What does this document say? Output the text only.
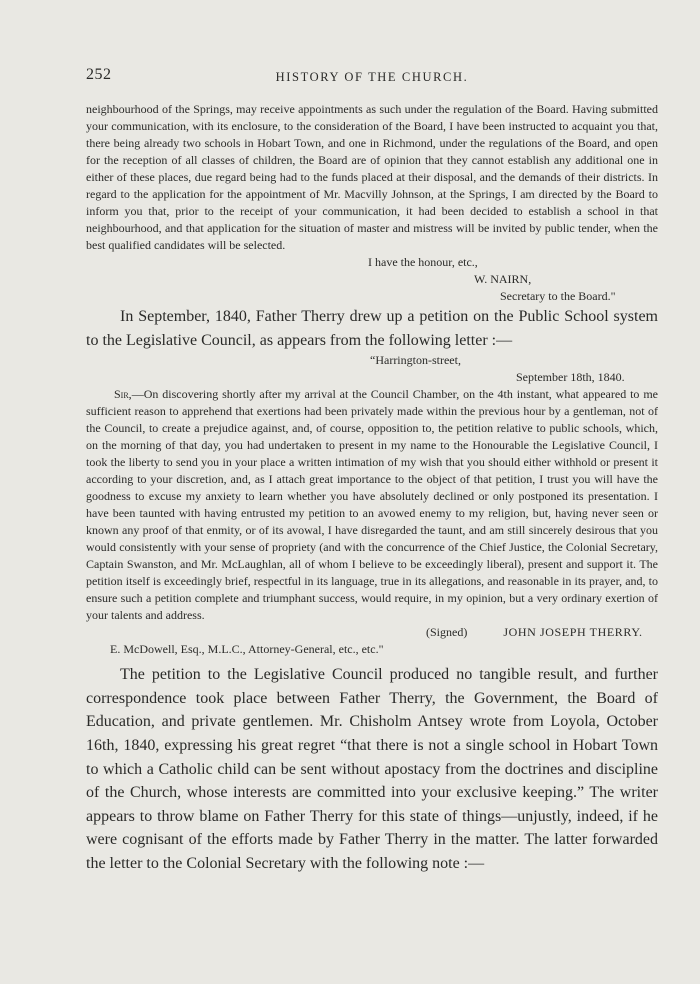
252	HISTORY OF THE CHURCH.

neighbourhood of the Springs, may receive appointments as such under the regulation of the Board. Having submitted your communication, with its enclosure, to the consideration of the Board, I have been instructed to acquaint you that, there being already two schools in Hobart Town, and one in Richmond, under the regulations of the Board, and open for the reception of all classes of children, the Board are of opinion that they cannot establish any additional one in either of these places, due regard being had to the funds placed at their disposal, and the demands of their districts. In regard to the application for the appointment of Mr. Macvilly Johnson, at the Springs, I am directed by the Board to inform you that, prior to the receipt of your communication, it had been decided to establish a school in that neighbourhood, and that application for the situation of master and mistress will be invited by public tender, when the best qualified candidates will be selected.

I have the honour, etc.,

W. NAIRN,

Secretary to the Board."

In September, 1840, Father Therry drew up a petition on the Public School system to the Legislative Council, as appears from the following letter :—

“Harrington-street,

September 18th, 1840.

Sir,—On discovering shortly after my arrival at the Council Chamber, on the 4th instant, what appeared to me sufficient reason to apprehend that exertions had been privately made within the previous hour by a gentleman, not of the Council, to create a prejudice against, and, of course, opposition to, the petition relative to public schools, which, on the morning of that day, you had undertaken to present in my name to the Honourable the Legislative Council, I took the liberty to send you in your place a written intimation of my wish that you should either withhold or present it according to your discretion, and, as I attach great importance to the object of that petition, I trust you will have the goodness to excuse my anxiety to learn whether you have absolutely declined or only postponed its presentation. I have been taunted with having entrusted my petition to an avowed enemy to my religion, but, having never seen or known any proof of that enmity, or of its avowal, I have disregarded the taunt, and am still sincerely desirous that you would consistently with your sense of propriety (and with the concurrence of the Chief Justice, the Colonial Secretary, Captain Swanston, and Mr. McLaughlan, all of whom I believe to be exceedingly liberal), present and support it. The petition itself is exceedingly brief, respectful in its language, true in its allegations, and reasonable in its prayer, and, to ensure such a petition complete and triumphant success, would require, in my opinion, but a very ordinary exertion of your talents and address.

(Signed)	JOHN JOSEPH THERRY.

E. McDowell, Esq., M.L.C., Attorney-General, etc., etc."

The petition to the Legislative Council produced no tangible result, and further correspondence took place between Father Therry, the Government, the Board of Education, and private gentlemen. Mr. Chisholm Antsey wrote from Loyola, October 16th, 1840, expressing his great regret “that there is not a single school in Hobart Town to which a Catholic child can be sent without apostacy from the doctrines and discipline of the Church, whose interests are committed into your exclusive keeping.” The writer appears to throw blame on Father Therry for this state of things—unjustly, indeed, if he were cognisant of the efforts made by Father Therry in the matter. The latter forwarded the letter to the Colonial Secretary with the following note :—
